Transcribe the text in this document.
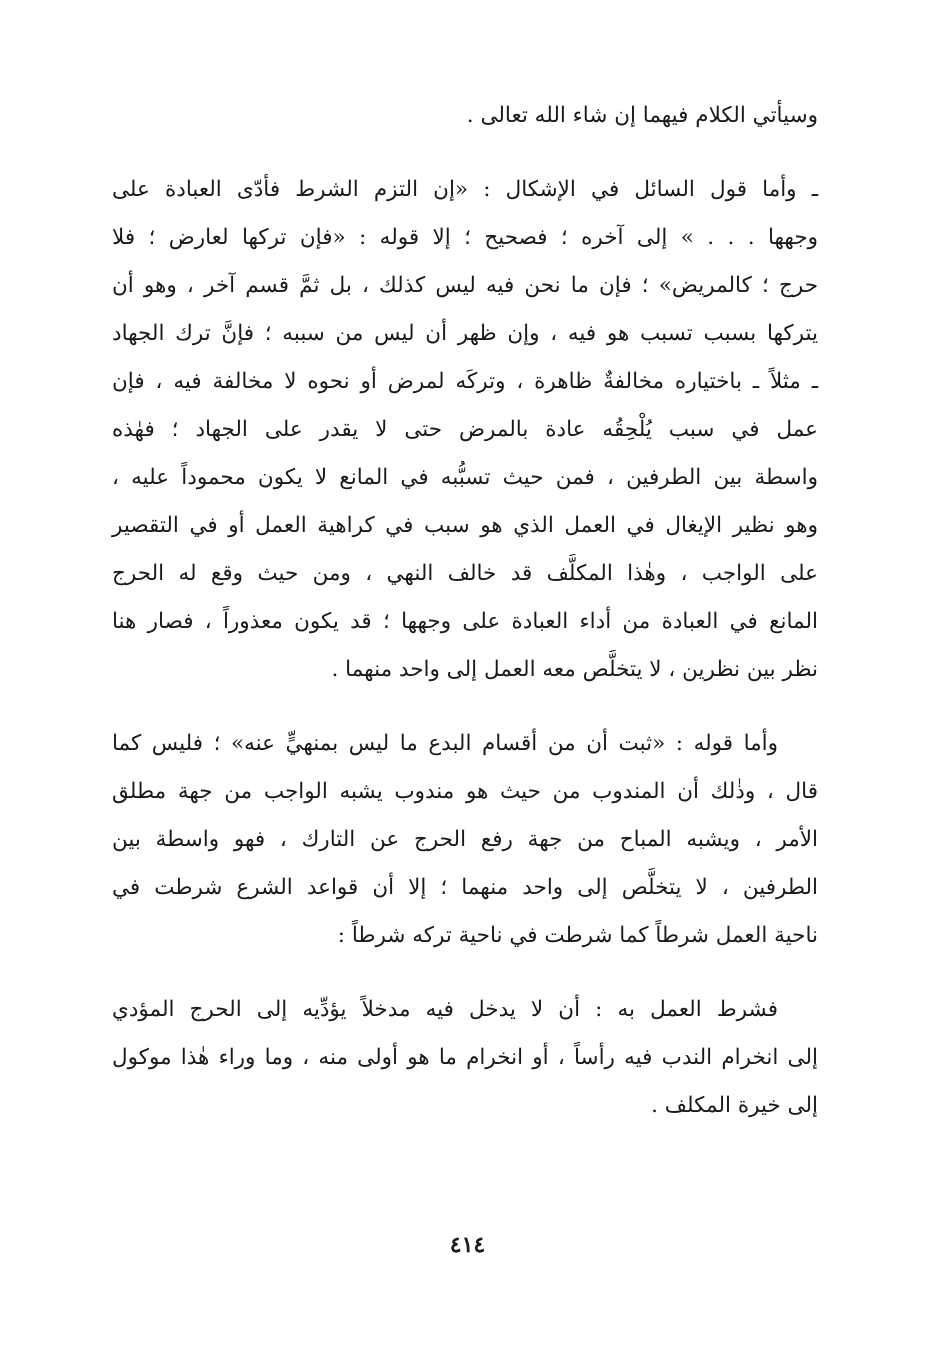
وسيأتي الكلام فيهما إن شاء الله تعالى .
ـ وأما قول السائل في الإشكال : «إن التزم الشرط فأدّى العبادة على
وجهها . . . » إلى آخره ؛ فصحيح ؛ إلا قوله : «فإن تركها لعارض ؛ فلا
حرج ؛ كالمريض» ؛ فإن ما نحن فيه ليس كذلك ، بل ثمَّ قسم آخر ، وهو أن
يتركها بسبب تسبب هو فيه ، وإن ظهر أن ليس من سببه ؛ فإنَّ ترك الجهاد
ـ مثلاً ـ باختياره مخالفةٌ ظاهرة ، وتركَه لمرض أو نحوه لا مخالفة فيه ، فإن
عمل في سبب يُلْحِقُه عادة بالمرض حتى لا يقدر على الجهاد ؛ فهٰذه
واسطة بين الطرفين ، فمن حيث تسبُّبه في المانع لا يكون محموداً عليه ،
وهو نظير الإيغال في العمل الذي هو سبب في كراهية العمل أو في التقصير
على الواجب ، وهٰذا المكلَّف قد خالف النهي ، ومن حيث وقع له الحرج
المانع في العبادة من أداء العبادة على وجهها ؛ قد يكون معذوراً ، فصار هنا
نظر بين نظرين ، لا يتخلَّص معه العمل إلى واحد منهما .
وأما قوله : «ثبت أن من أقسام البدع ما ليس بمنهيٍّ عنه» ؛ فليس كما
قال ، وذٰلك أن المندوب من حيث هو مندوب يشبه الواجب من جهة مطلق
الأمر ، ويشبه المباح من جهة رفع الحرج عن التارك ، فهو واسطة بين
الطرفين ، لا يتخلَّص إلى واحد منهما ؛ إلا أن قواعد الشرع شرطت في
ناحية العمل شرطاً كما شرطت في ناحية تركه شرطاً :
فشرط العمل به : أن لا يدخل فيه مدخلاً يؤدِّيه إلى الحرج المؤدي
إلى انخرام الندب فيه رأساً ، أو انخرام ما هو أولى منه ، وما وراء هٰذا موكول
إلى خيرة المكلف .
٤١٤
